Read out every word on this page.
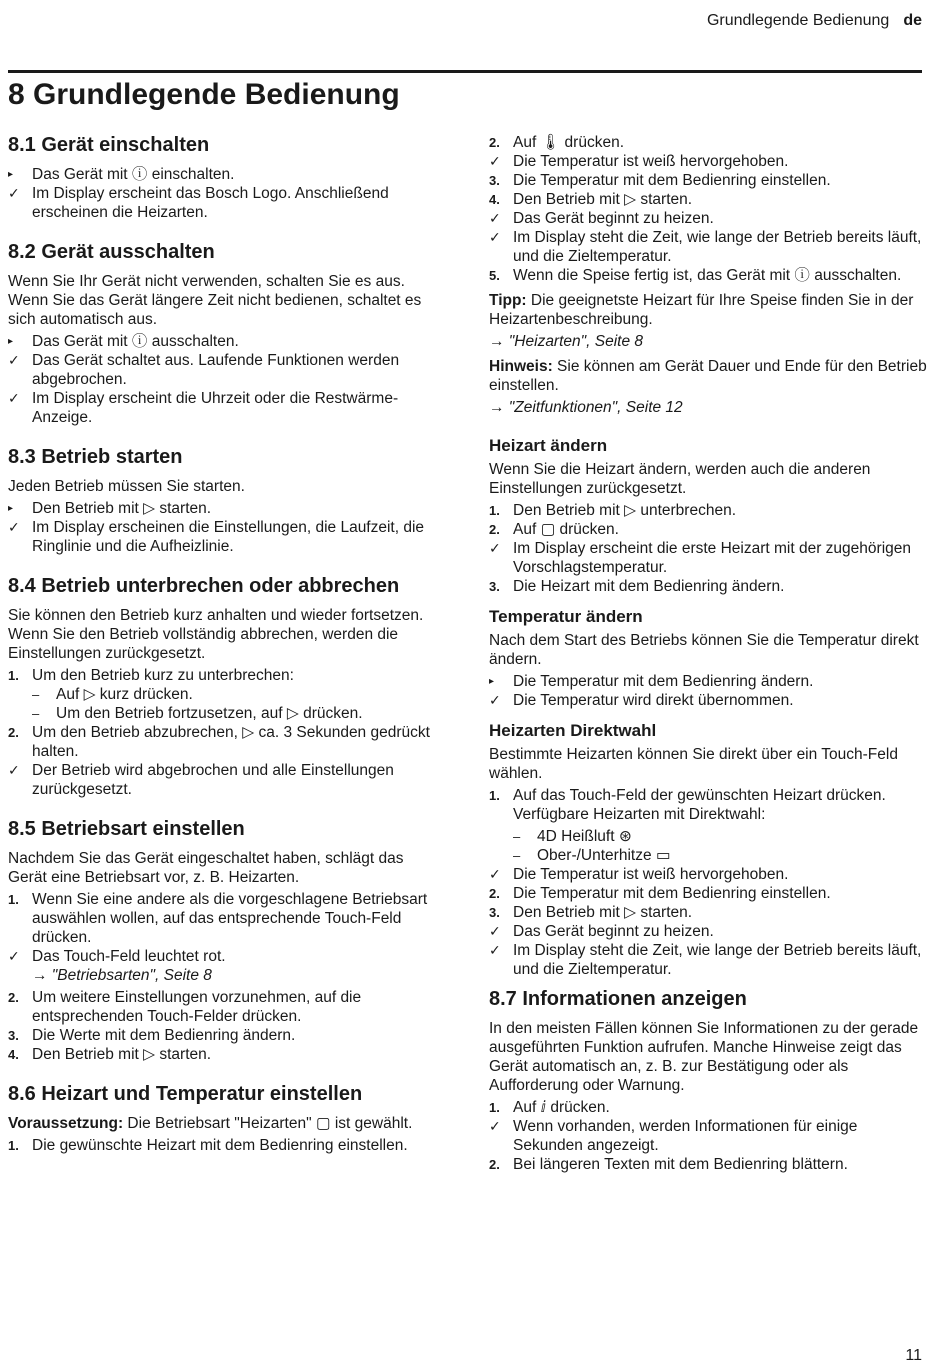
Grundlegende Bedienung de
8 Grundlegende Bedienung
8.1 Gerät einschalten
▸	Das Gerät mit ⓘ einschalten.
✓ Im Display erscheint das Bosch Logo. Anschließend erscheinen die Heizarten.
8.2 Gerät ausschalten

Wenn Sie Ihr Gerät nicht verwenden, schalten Sie es aus. Wenn Sie das Gerät längere Zeit nicht bedienen, schaltet es sich automatisch aus.

▸	Das Gerät mit ⓘ ausschalten.
✓ Das Gerät schaltet aus. Laufende Funktionen werden abgebrochen.
✓ Im Display erscheint die Uhrzeit oder die Restwärme-Anzeige.
8.3 Betrieb starten

Jeden Betrieb müssen Sie starten.

▸	Den Betrieb mit ▷ starten.
✓ Im Display erscheinen die Einstellungen, die Laufzeit, die Ringlinie und die Aufheizlinie.
8.4 Betrieb unterbrechen oder abbrechen

Sie können den Betrieb kurz anhalten und wieder fortsetzen. Wenn Sie den Betrieb vollständig abbrechen, werden die Einstellungen zurückgesetzt.

1. Um den Betrieb kurz zu unterbrechen:
–	Auf ▷ kurz drücken.
–	Um den Betrieb fortzusetzen, auf ▷ drücken.
2. Um den Betrieb abzubrechen, ▷ ca. 3 Sekunden gedrückt halten.
✓ Der Betrieb wird abgebrochen und alle Einstellungen zurückgesetzt.
8.5 Betriebsart einstellen

Nachdem Sie das Gerät eingeschaltet haben, schlägt das Gerät eine Betriebsart vor, z. B. Heizarten.

1. Wenn Sie eine andere als die vorgeschlagene Betriebsart auswählen wollen, auf das entsprechende Touch-Feld drücken.
✓ Das Touch-Feld leuchtet rot.

→ "Betriebsarten", Seite 8

2. Um weitere Einstellungen vorzunehmen, auf die entsprechenden Touch-Felder drücken.
3. Die Werte mit dem Bedienring ändern.
4. Den Betrieb mit ▷ starten.
8.6 Heizart und Temperatur einstellen

Voraussetzung: Die Betriebsart "Heizarten" ▢ ist gewählt.

1. Die gewünschte Heizart mit dem Bedienring einstellen.
2. Auf 🌡 drücken.
✓ Die Temperatur ist weiß hervorgehoben.
3. Die Temperatur mit dem Bedienring einstellen.
4. Den Betrieb mit ▷ starten.
✓ Das Gerät beginnt zu heizen.
✓ Im Display steht die Zeit, wie lange der Betrieb bereits läuft, und die Zieltemperatur.
5. Wenn die Speise fertig ist, das Gerät mit ⓘ ausschalten.

Tipp: Die geeignetste Heizart für Ihre Speise finden Sie in der Heizartenbeschreibung.

→ "Heizarten", Seite 8

Hinweis: Sie können am Gerät Dauer und Ende für den Betrieb einstellen.

→ "Zeitfunktionen", Seite 12

Heizart ändern

Wenn Sie die Heizart ändern, werden auch die anderen Einstellungen zurückgesetzt.

1. Den Betrieb mit ▷ unterbrechen.
2. Auf ▢ drücken.
✓ Im Display erscheint die erste Heizart mit der zugehörigen Vorschlagstemperatur.
3. Die Heizart mit dem Bedienring ändern.
Temperatur ändern

Nach dem Start des Betriebs können Sie die Temperatur direkt ändern.

▸	Die Temperatur mit dem Bedienring ändern.
✓ Die Temperatur wird direkt übernommen.
Heizarten Direktwahl

Bestimmte Heizarten können Sie direkt über ein Touch-Feld wählen.

1. Auf das Touch-Feld der gewünschten Heizart drücken.

Verfügbare Heizarten mit Direktwahl:

–	4D Heißluft ⊛
–	Ober-/Unterhitze ▭
✓ Die Temperatur ist weiß hervorgehoben.
2. Die Temperatur mit dem Bedienring einstellen.
3. Den Betrieb mit ▷ starten.
✓ Das Gerät beginnt zu heizen.
✓ Im Display steht die Zeit, wie lange der Betrieb bereits läuft, und die Zieltemperatur.
8.7 Informationen anzeigen

In den meisten Fällen können Sie Informationen zu der gerade ausgeführten Funktion aufrufen. Manche Hinweise zeigt das Gerät automatisch an, z. B. zur Bestätigung oder als Aufforderung oder Warnung.

1. Auf ⅈ drücken.
✓ Wenn vorhanden, werden Informationen für einige Sekunden angezeigt.
2. Bei längeren Texten mit dem Bedienring blättern.
11
